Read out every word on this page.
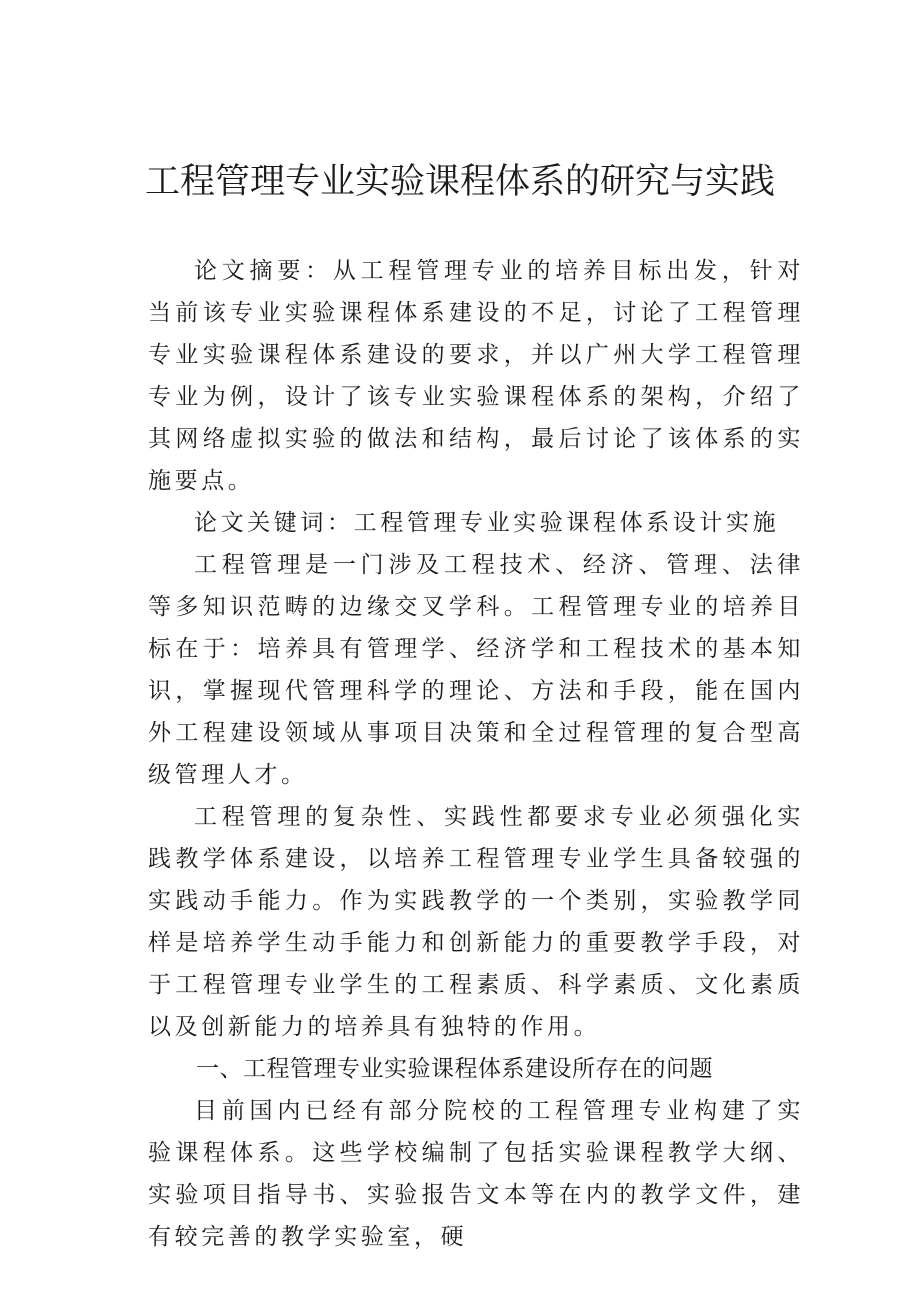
工程管理专业实验课程体系的研究与实践

论文摘要：从工程管理专业的培养目标出发，针对当前该专业实验课程体系建设的不足，讨论了工程管理专业实验课程体系建设的要求，并以广州大学工程管理专业为例，设计了该专业实验课程体系的架构，介绍了其网络虚拟实验的做法和结构，最后讨论了该体系的实施要点。

论文关键词：工程管理专业实验课程体系设计实施

工程管理是一门涉及工程技术、经济、管理、法律等多知识范畴的边缘交叉学科。工程管理专业的培养目标在于：培养具有管理学、经济学和工程技术的基本知识，掌握现代管理科学的理论、方法和手段，能在国内外工程建设领域从事项目决策和全过程管理的复合型高级管理人才。

工程管理的复杂性、实践性都要求专业必须强化实践教学体系建设，以培养工程管理专业学生具备较强的实践动手能力。作为实践教学的一个类别，实验教学同样是培养学生动手能力和创新能力的重要教学手段，对于工程管理专业学生的工程素质、科学素质、文化素质以及创新能力的培养具有独特的作用。

一、工程管理专业实验课程体系建设所存在的问题

目前国内已经有部分院校的工程管理专业构建了实验课程体系。这些学校编制了包括实验课程教学大纲、实验项目指导书、实验报告文本等在内的教学文件，建有较完善的教学实验室，硬
